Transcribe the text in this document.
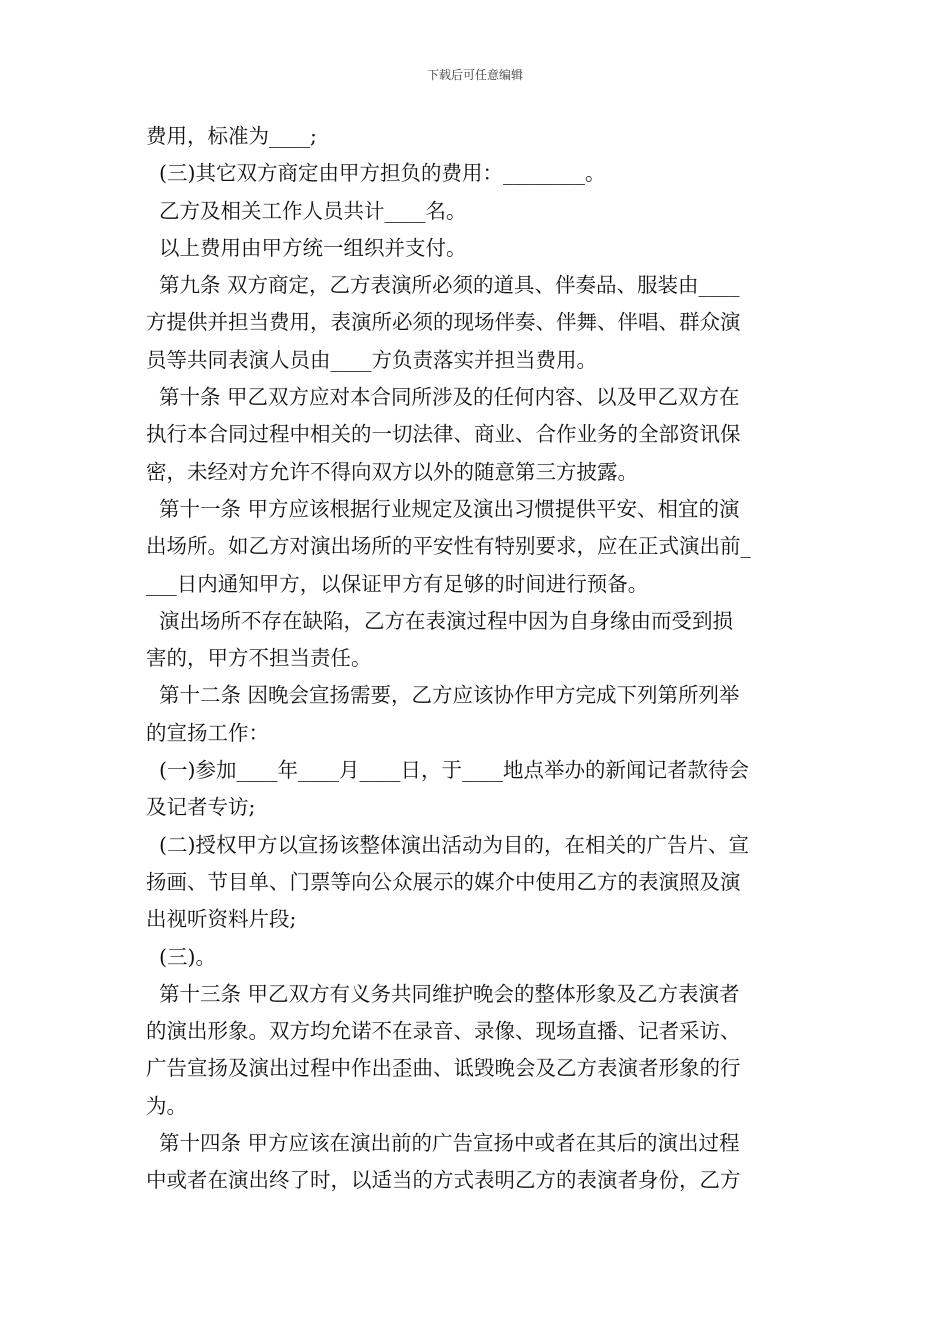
下载后可任意编辑
费用，标准为____;
(三)其它双方商定由甲方担负的费用：________。
乙方及相关工作人员共计____名。
以上费用由甲方统一组织并支付。
第九条 双方商定，乙方表演所必须的道具、伴奏品、服装由____
方提供并担当费用，表演所必须的现场伴奏、伴舞、伴唱、群众演
员等共同表演人员由____方负责落实并担当费用。
第十条 甲乙双方应对本合同所涉及的任何内容、以及甲乙双方在
执行本合同过程中相关的一切法律、商业、合作业务的全部资讯保
密，未经对方允许不得向双方以外的随意第三方披露。
第十一条 甲方应该根据行业规定及演出习惯提供平安、相宜的演
出场所。如乙方对演出场所的平安性有特别要求，应在正式演出前_
___日内通知甲方，以保证甲方有足够的时间进行预备。
演出场所不存在缺陷，乙方在表演过程中因为自身缘由而受到损
害的，甲方不担当责任。
第十二条 因晚会宣扬需要，乙方应该协作甲方完成下列第所列举
的宣扬工作：
(一)参加____年____月____日，于____地点举办的新闻记者款待会
及记者专访;
(二)授权甲方以宣扬该整体演出活动为目的，在相关的广告片、宣
扬画、节目单、门票等向公众展示的媒介中使用乙方的表演照及演
出视听资料片段;
(三)。
第十三条 甲乙双方有义务共同维护晚会的整体形象及乙方表演者
的演出形象。双方均允诺不在录音、录像、现场直播、记者采访、
广告宣扬及演出过程中作出歪曲、诋毁晚会及乙方表演者形象的行
为。
第十四条 甲方应该在演出前的广告宣扬中或者在其后的演出过程
中或者在演出终了时，以适当的方式表明乙方的表演者身份，乙方
